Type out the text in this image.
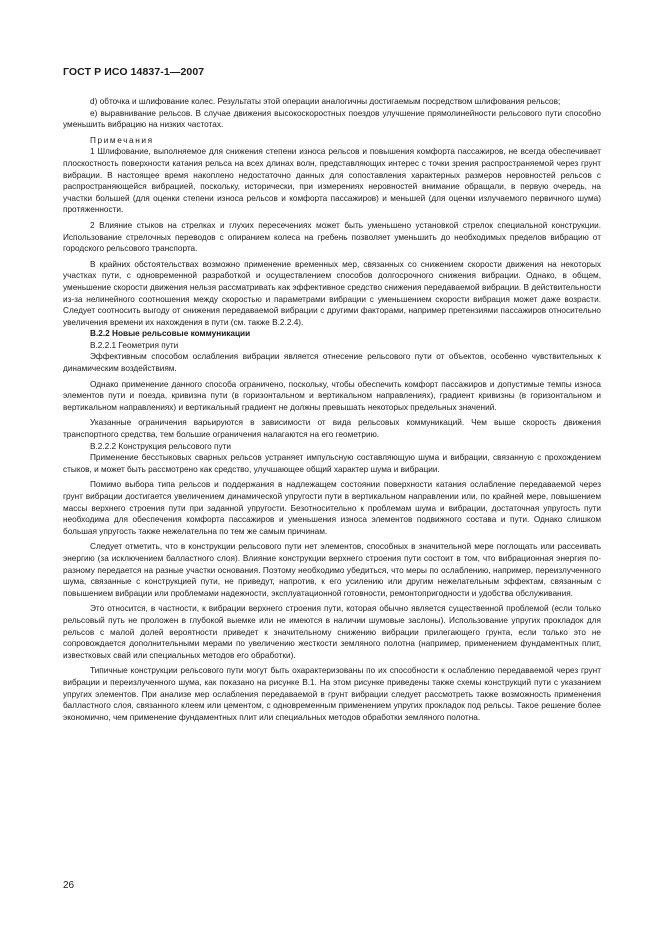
ГОСТ Р ИСО 14837-1—2007

d) обточка и шлифование колес. Результаты этой операции аналогичны достигаемым посредством шлифования рельсов;

e) выравнивание рельсов. В случае движения высокоскоростных поездов улучшение прямолинейности рельсового пути способно уменьшить вибрацию на низких частотах.

Примечания

1 Шлифование, выполняемое для снижения степени износа рельсов и повышения комфорта пассажиров, не всегда обеспечивает плоскостность поверхности катания рельса на всех длинах волн, представляющих интерес с точки зрения распространяемой через грунт вибрации. В настоящее время накоплено недостаточно данных для сопоставления характерных размеров неровностей рельсов с распространяющейся вибрацией, поскольку, исторически, при измерениях неровностей внимание обращали, в первую очередь, на участки большей (для оценки степени износа рельсов и комфорта пассажиров) и меньшей (для оценки излучаемого первичного шума) протяженности.

2 Влияние стыков на стрелках и глухих пересечениях может быть уменьшено установкой стрелок специальной конструкции. Использование стрелочных переводов с опиранием колеса на гребень позволяет уменьшить до необходимых пределов вибрацию от городского рельсового транспорта.

В крайних обстоятельствах возможно применение временных мер, связанных со снижением скорости движения на некоторых участках пути, с одновременной разработкой и осуществлением способов долгосрочного снижения вибрации. Однако, в общем, уменьшение скорости движения нельзя рассматривать как эффективное средство снижения передаваемой вибрации. В действительности из-за нелинейного соотношения между скоростью и параметрами вибрации с уменьшением скорости вибрация может даже возрасти. Следует соотносить выгоду от снижения передаваемой вибрации с другими факторами, например претензиями пассажиров относительно увеличения времени их нахождения в пути (см. также В.2.2.4).

В.2.2 Новые рельсовые коммуникации

В.2.2.1 Геометрия пути

Эффективным способом ослабления вибрации является отнесение рельсового пути от объектов, особенно чувствительных к динамическим воздействиям.

Однако применение данного способа ограничено, поскольку, чтобы обеспечить комфорт пассажиров и допустимые темпы износа элементов пути и поезда, кривизна пути (в горизонтальном и вертикальном направлениях), градиент кривизны (в горизонтальном и вертикальном направлениях) и вертикальный градиент не должны превышать некоторых предельных значений.

Указанные ограничения варьируются в зависимости от вида рельсовых коммуникаций. Чем выше скорость движения транспортного средства, тем большие ограничения налагаются на его геометрию.

В.2.2.2 Конструкция рельсового пути

Применение бесстыковых сварных рельсов устраняет импульсную составляющую шума и вибрации, связанную с прохождением стыков, и может быть рассмотрено как средство, улучшающее общий характер шума и вибрации.

Помимо выбора типа рельсов и поддержания в надлежащем состоянии поверхности катания ослабление передаваемой через грунт вибрации достигается увеличением динамической упругости пути в вертикальном направлении или, по крайней мере, повышением массы верхнего строения пути при заданной упругости. Безотносительно к проблемам шума и вибрации, достаточная упругость пути необходима для обеспечения комфорта пассажиров и уменьшения износа элементов подвижного состава и пути. Однако слишком большая упругость также нежелательна по тем же самым причинам.

Следует отметить, что в конструкции рельсового пути нет элементов, способных в значительной мере поглощать или рассеивать энергию (за исключением балластного слоя). Влияние конструкции верхнего строения пути состоит в том, что вибрационная энергия по-разному передается на разные участки основания. Поэтому необходимо убедиться, что меры по ослаблению, например, переизлученного шума, связанные с конструкцией пути, не приведут, напротив, к его усилению или другим нежелательным эффектам, связанным с повышением вибрации или проблемами надежности, эксплуатационной готовности, ремонтопригодности и удобства обслуживания.

Это относится, в частности, к вибрации верхнего строения пути, которая обычно является существенной проблемой (если только рельсовый путь не проложен в глубокой выемке или не имеются в наличии шумовые заслоны). Использование упругих прокладок для рельсов с малой долей вероятности приведет к значительному снижению вибрации прилегающего грунта, если только это не сопровождается дополнительными мерами по увеличению жесткости земляного полотна (например, применением фундаментных плит, известковых свай или специальных методов его обработки).

Типичные конструкции рельсового пути могут быть охарактеризованы по их способности к ослаблению передаваемой через грунт вибрации и переизлученного шума, как показано на рисунке В.1. На этом рисунке приведены также схемы конструкций пути с указанием упругих элементов. При анализе мер ослабления передаваемой в грунт вибрации следует рассмотреть также возможность применения балластного слоя, связанного клеем или цементом, с одновременным применением упругих прокладок под рельсы. Такое решение более экономично, чем применение фундаментных плит или специальных методов обработки земляного полотна.

26
